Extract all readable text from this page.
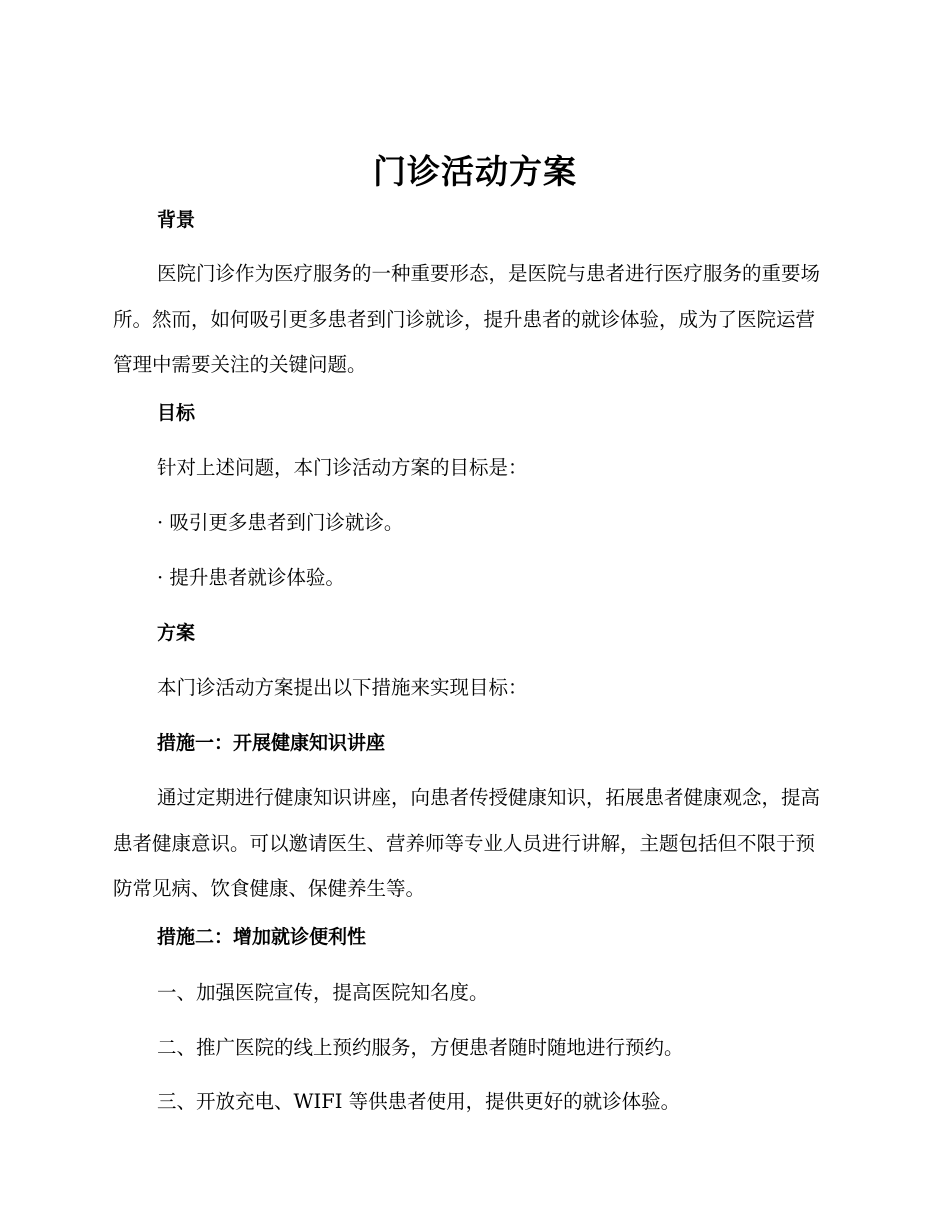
门诊活动方案
背景

医院门诊作为医疗服务的一种重要形态，是医院与患者进行医疗服务的重要场所。然而，如何吸引更多患者到门诊就诊，提升患者的就诊体验，成为了医院运营管理中需要关注的关键问题。

目标
针对上述问题，本门诊活动方案的目标是：
· 吸引更多患者到门诊就诊。
· 提升患者就诊体验。
方案
本门诊活动方案提出以下措施来实现目标：
措施一：开展健康知识讲座

通过定期进行健康知识讲座，向患者传授健康知识，拓展患者健康观念，提高患者健康意识。可以邀请医生、营养师等专业人员进行讲解，主题包括但不限于预防常见病、饮食健康、保健养生等。

措施二：增加就诊便利性
一、加强医院宣传，提高医院知名度。
二、推广医院的线上预约服务，方便患者随时随地进行预约。
三、开放充电、WIFI 等供患者使用，提供更好的就诊体验。
